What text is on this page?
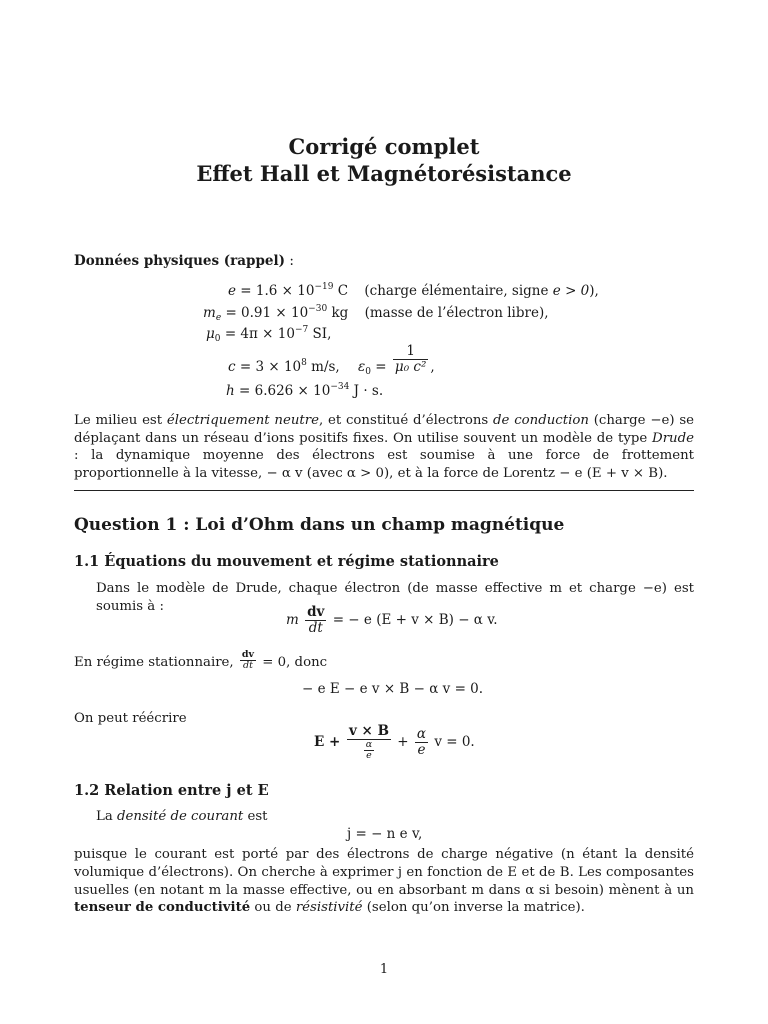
Corrigé complet
Effet Hall et Magnétorésistance
Données physiques (rappel) :
$e = 1.6 \times 10^{-19}$ C (charge élémentaire, signe e > 0),
$m_e = 0.91 \times 10^{-30}$ kg (masse de l’électron libre),
$\mu_0 = 4\pi \times 10^{-7}$ SI,
$c = 3 \times 10^8$ m/s, $\varepsilon_0 = \frac{1}{\text{μ₀ c²}}$ ,
$h = 6.626 \times 10^{-34}$ J · s.
Le milieu est électriquement neutre, et constitué d’électrons de conduction (charge −e) se déplaçant dans un réseau d’ions positifs fixes. On utilise souvent un modèle de type Drude : la dynamique moyenne des électrons est soumise à une force de frottement proportionnelle à la vitesse, − α v (avec α > 0), et à la force de Lorentz − e (E + v × B).
Question 1 : Loi d’Ohm dans un champ magnétique
1.1 Équations du mouvement et régime stationnaire
Dans le modèle de Drude, chaque électron (de masse effective m et charge −e) est soumis à :
m $\frac{dv}{dt}$ = − e (E + v × B) − α v.
En régime stationnaire, $\frac{dv}{dt} = 0$, donc
− e E − e v × B − α v = 0.
On peut réécrire
$E + \frac{v \times B}{\frac{\alpha}{e}} + \frac{\alpha}{e}$ v = 0.
1.2 Relation entre j et E
La densité de courant est
j = − n e v,
puisque le courant est porté par des électrons de charge négative (n étant la densité volumique d’électrons). On cherche à exprimer j en fonction de E et de B. Les composantes usuelles (en notant m la masse effective, ou en absorbant m dans α si besoin) mènent à un tenseur de conductivité ou de résistivité (selon qu’on inverse la matrice).
1
